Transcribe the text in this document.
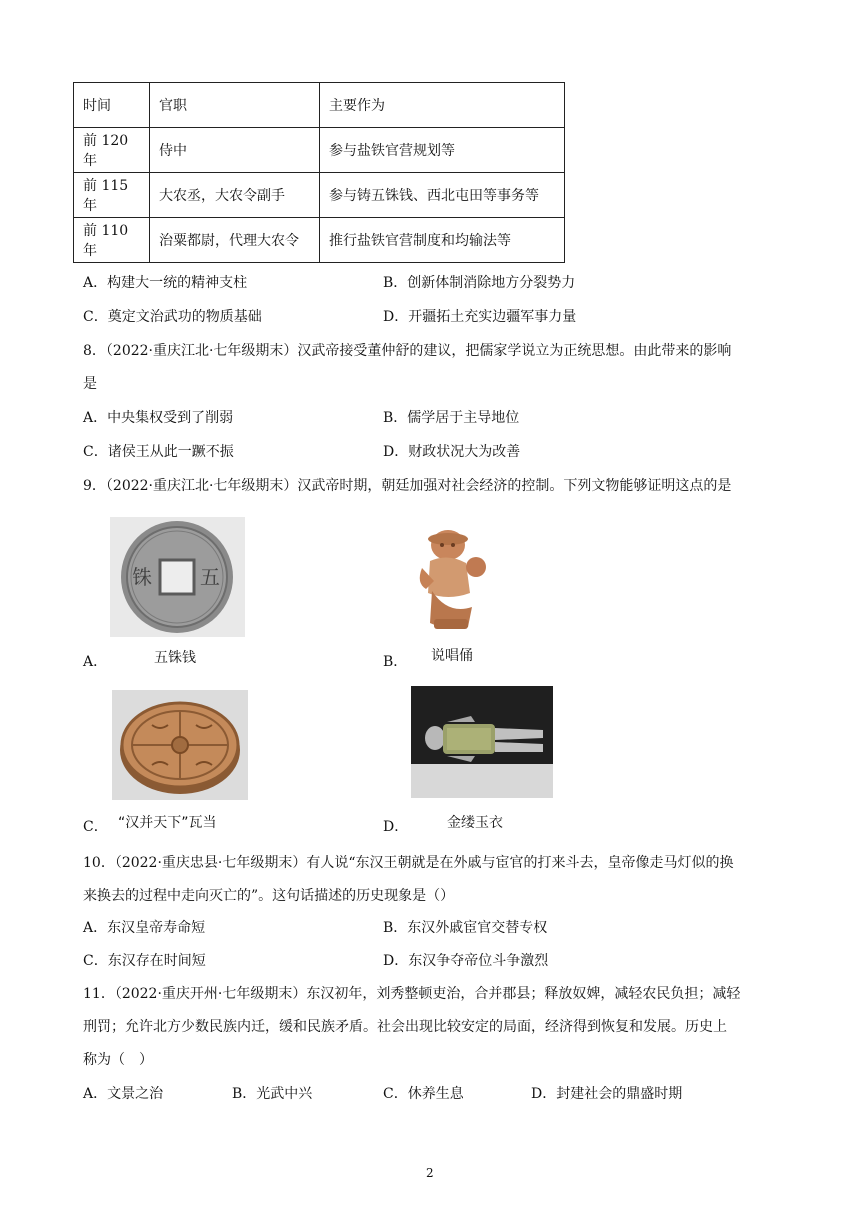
时间	官职	主要作为
前 120 年	侍中	参与盐铁官营规划等
前 115 年	大农丞，大农令副手	参与铸五铢钱、西北屯田等事务等
前 110 年	治粟都尉，代理大农令	推行盐铁官营制度和均输法等
A．构建大一统的精神支柱	B．创新体制消除地方分裂势力
C．奠定文治武功的物质基础	D．开疆拓土充实边疆军事力量
8．（2022·重庆江北·七年级期末）汉武帝接受董仲舒的建议，把儒家学说立为正统思想。由此带来的影响
是
A．中央集权受到了削弱	B．儒学居于主导地位
C．诸侯王从此一蹶不振	D．财政状况大为改善
9．（2022·重庆江北·七年级期末）汉武帝时期，朝廷加强对社会经济的控制。下列文物能够证明这点的是
铢 五
A．	五铢钱	B． 说唱俑
C． “汉并天下”瓦当	D．	金缕玉衣
10．（2022·重庆忠县·七年级期末）有人说“东汉王朝就是在外戚与宦官的打来斗去，皇帝像走马灯似的换
来换去的过程中走向灭亡的”。这句话描述的历史现象是（）
A．东汉皇帝寿命短	B．东汉外戚宦官交替专权
C．东汉存在时间短	D．东汉争夺帝位斗争激烈
11．（2022·重庆开州·七年级期末）东汉初年，刘秀整顿吏治，合并郡县；释放奴婢，减轻农民负担；减轻
刑罚；允许北方少数民族内迁，缓和民族矛盾。社会出现比较安定的局面，经济得到恢复和发展。历史上
称为（　）
A．文景之治	B．光武中兴	C．休养生息	D．封建社会的鼎盛时期
2
